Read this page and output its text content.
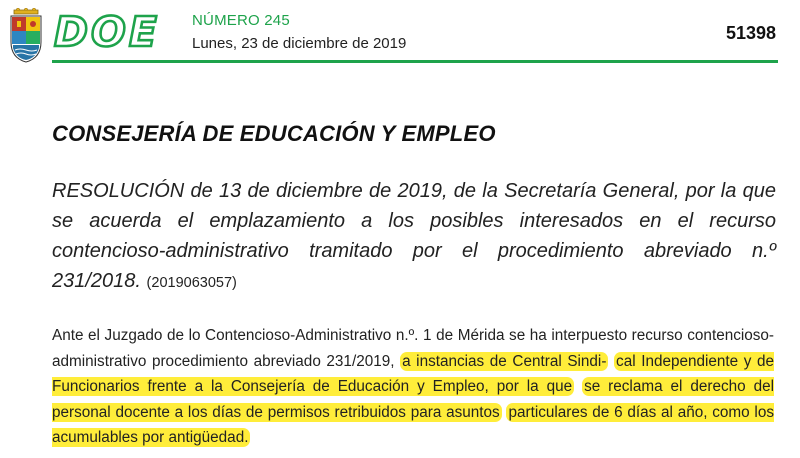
DOE NÚMERO 245
Lunes, 23 de diciembre de 2019
51398
CONSEJERÍA DE EDUCACIÓN Y EMPLEO
RESOLUCIÓN de 13 de diciembre de 2019, de la Secretaría General, por la que se acuerda el emplazamiento a los posibles interesados en el recurso contencioso-administrativo tramitado por el procedimiento abreviado n.º 231/2018. (2019063057)
Ante el Juzgado de lo Contencioso-Administrativo n.º. 1 de Mérida se ha interpuesto recurso contencioso-administrativo procedimiento abreviado 231/2019, a instancias de Central Sindi- cal Independiente y de Funcionarios frente a la Consejería de Educación y Empleo, por la que se reclama el derecho del personal docente a los días de permisos retribuidos para asuntos particulares de 6 días al año, como los acumulables por antigüedad.
